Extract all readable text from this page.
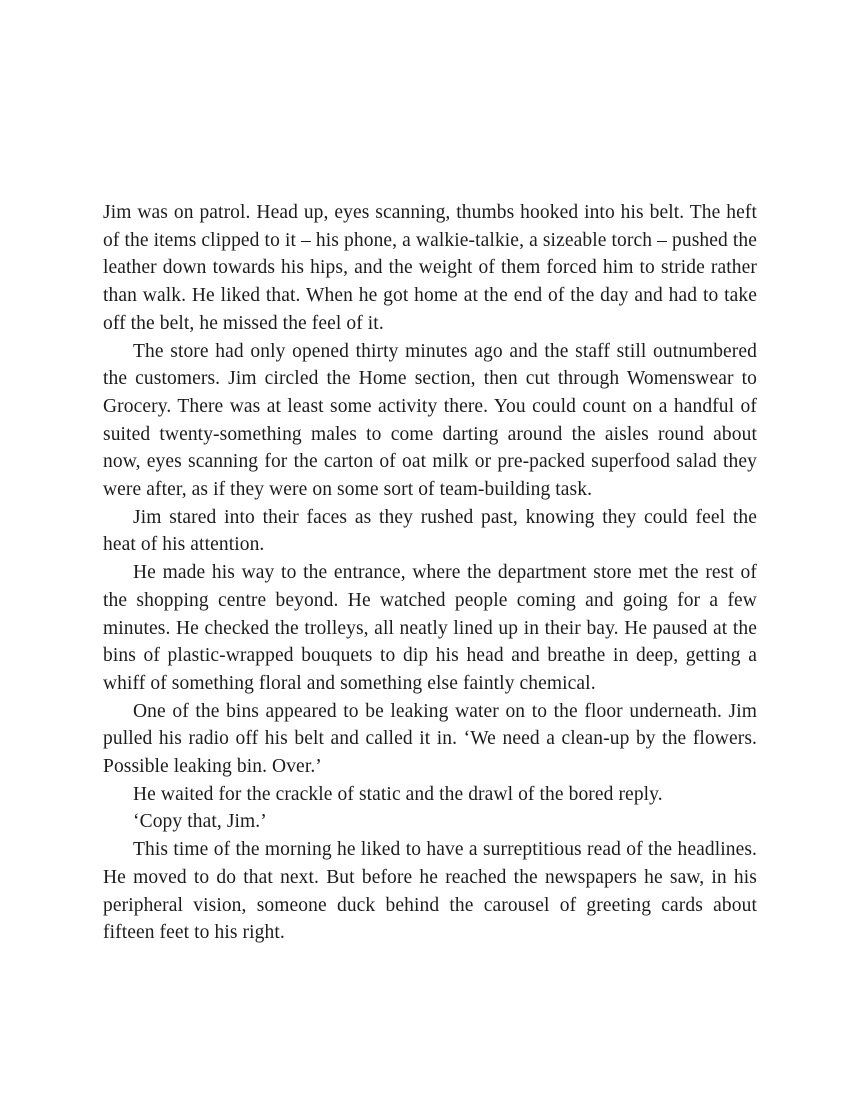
Jim was on patrol. Head up, eyes scanning, thumbs hooked into his belt. The heft of the items clipped to it – his phone, a walkie-talkie, a sizeable torch – pushed the leather down towards his hips, and the weight of them forced him to stride rather than walk. He liked that. When he got home at the end of the day and had to take off the belt, he missed the feel of it.

The store had only opened thirty minutes ago and the staff still outnumbered the customers. Jim circled the Home section, then cut through Womenswear to Grocery. There was at least some activity there. You could count on a handful of suited twenty-something males to come darting around the aisles round about now, eyes scanning for the carton of oat milk or pre-packed superfood salad they were after, as if they were on some sort of team-building task.

Jim stared into their faces as they rushed past, knowing they could feel the heat of his attention.

He made his way to the entrance, where the department store met the rest of the shopping centre beyond. He watched people coming and going for a few minutes. He checked the trolleys, all neatly lined up in their bay. He paused at the bins of plastic-wrapped bouquets to dip his head and breathe in deep, getting a whiff of something floral and something else faintly chemical.

One of the bins appeared to be leaking water on to the floor underneath. Jim pulled his radio off his belt and called it in. ‘We need a clean-up by the flowers. Possible leaking bin. Over.’

He waited for the crackle of static and the drawl of the bored reply.

‘Copy that, Jim.’

This time of the morning he liked to have a surreptitious read of the headlines. He moved to do that next. But before he reached the newspapers he saw, in his peripheral vision, someone duck behind the carousel of greeting cards about fifteen feet to his right.
